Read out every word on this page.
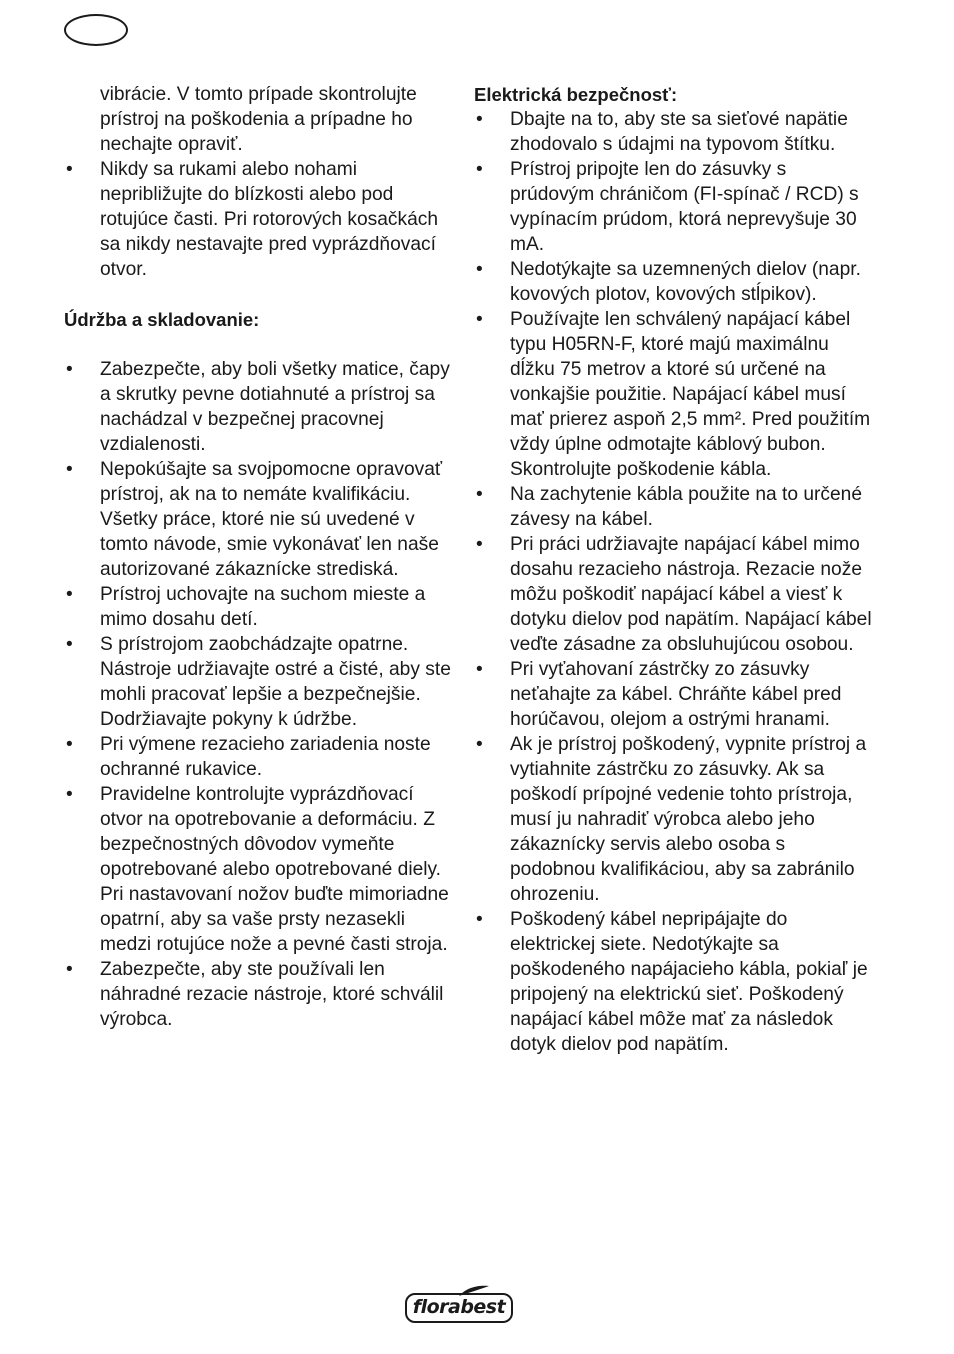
vibrácie. V tomto prípade skontrolujte prístroj na poškodenia a prípadne ho nechajte opraviť.

•	Nikdy sa rukami alebo nohami nepribližujte do blízkosti alebo pod rotujúce časti. Pri rotorových kosačkách sa nikdy nestavajte pred vyprázdňovací otvor.
Údržba a skladovanie:
•	Zabezpečte, aby boli všetky matice, čapy a skrutky pevne dotiahnuté a prístroj sa nachádzal v bezpečnej pracovnej vzdialenosti.
•	Nepokúšajte sa svojpomocne opravovať prístroj, ak na to nemáte kvalifikáciu. Všetky práce, ktoré nie sú uvedené v tomto návode, smie vykonávať len naše autorizované zákaznícke strediská.
•	Prístroj uchovajte na suchom mieste a mimo dosahu detí.
•	S prístrojom zaobchádzajte opatrne. Nástroje udržiavajte ostré a čisté, aby ste mohli pracovať lepšie a bezpečnejšie. Dodržiavajte pokyny k údržbe.
•	Pri výmene rezacieho zariadenia noste ochranné rukavice.
•	Pravidelne kontrolujte vyprázdňovací otvor na opotrebovanie a deformáciu. Z bezpečnostných dôvodov vymeňte opotrebované alebo opotrebované diely. Pri nastavovaní nožov buďte mimoriadne opatrní, aby sa vaše prsty nezasekli medzi rotujúce nože a pevné časti stroja.
•	Zabezpečte, aby ste používali len náhradné rezacie nástroje, ktoré schválil výrobca.
Elektrická bezpečnosť:
•	Dbajte na to, aby ste sa sieťové napätie zhodovalo s údajmi na typovom štítku.
•	Prístroj pripojte len do zásuvky s prúdovým chráničom (FI-spínač / RCD) s vypínacím prúdom, ktorá neprevyšuje 30 mA.
•	Nedotýkajte sa uzemnených dielov (napr. kovových plotov, kovových stĺpikov).
•	Používajte len schválený napájací kábel typu H05RN-F, ktoré majú maximálnu dĺžku 75 metrov a ktoré sú určené na vonkajšie použitie. Napájací kábel musí mať prierez aspoň 2,5 mm². Pred použitím vždy úplne odmotajte káblový bubon. Skontrolujte poškodenie kábla.
•	Na zachytenie kábla použite na to určené závesy na kábel.
•	Pri práci udržiavajte napájací kábel mimo dosahu rezacieho nástroja. Rezacie nože môžu poškodiť napájací kábel a viesť k dotyku dielov pod napätím. Napájací kábel veďte zásadne za obsluhujúcou osobou.
•	Pri vyťahovaní zástrčky zo zásuvky neťahajte za kábel. Chráňte kábel pred horúčavou, olejom a ostrými hranami.
•	Ak je prístroj poškodený, vypnite prístroj a vytiahnite zástrčku zo zásuvky. Ak sa poškodí prípojné vedenie tohto prístroja, musí ju nahradiť výrobca alebo jeho zákaznícky servis alebo osoba s podobnou kvalifikáciou, aby sa zabránilo ohrozeniu.
•	Poškodený kábel nepripájajte do elektrickej siete. Nedotýkajte sa poškodeného napájacieho kábla, pokiaľ je pripojený na elektrickú sieť. Poškodený napájací kábel môže mať za následok dotyk dielov pod napätím.
florabest
